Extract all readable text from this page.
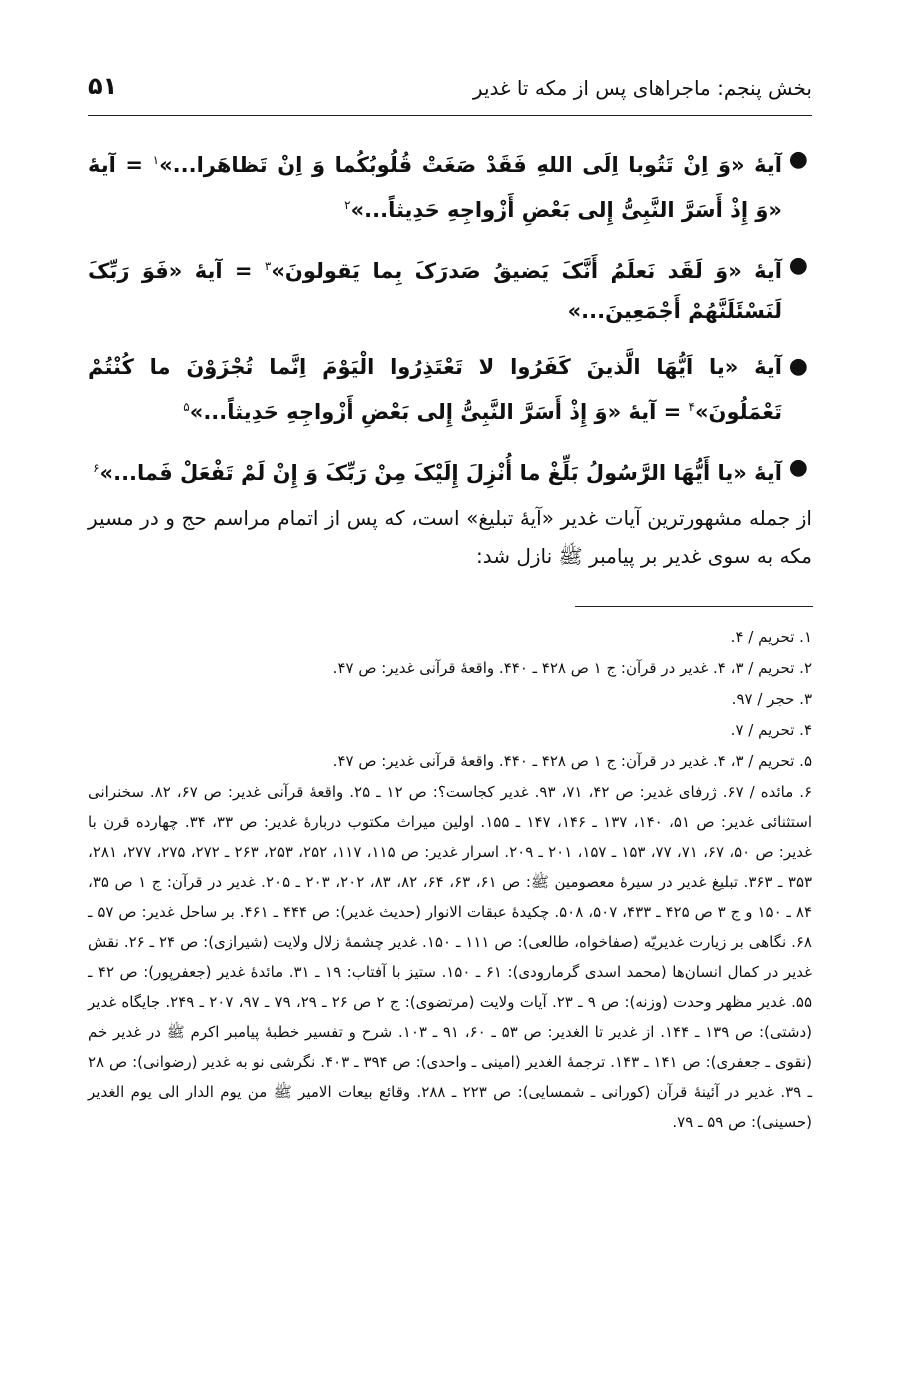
بخش پنجم: ماجراهای پس از مکه تا غدیر
۵۱
●
آیهٔ «وَ اِنْ تَتُوبا اِلَی اللهِ فَقَدْ صَغَتْ قُلُوبُکُما وَ اِنْ تَظاهَرا...»$^۱$ = آیهٔ «وَ إِذْ أَسَرَّ النَّبِیُّ إِلی بَعْضِ أَزْواجِهِ حَدِیثاً...»$^۲$
●
آیهٔ «وَ لَقَد نَعلَمُ أَنَّکَ یَضیقُ صَدرَکَ بِما یَقولونَ»$^۳$ = آیهٔ «فَوَ رَبِّکَ لَنَسْئَلَنَّهُمْ أَجْمَعِینَ...»
●
آیهٔ «یا اَیُّهَا الَّذینَ کَفَرُوا لا تَعْتَذِرُوا الْیَوْمَ اِنَّما تُجْزَوْنَ ما کُنْتُمْ تَعْمَلُونَ»$^۴$ = آیهٔ «وَ إِذْ أَسَرَّ النَّبِیُّ إِلی بَعْضِ أَزْواجِهِ حَدِیثاً...»$^۵$
●
آیهٔ «یا أَیُّهَا الرَّسُولُ بَلِّغْ ما أُنْزِلَ إِلَیْکَ مِنْ رَبِّکَ وَ إِنْ لَمْ تَفْعَلْ فَما...»$^۶$

از جمله مشهورترین آیات غدیر «آیهٔ تبلیغ» است، که پس از اتمام مراسم حج و در مسیر مکه به سوی غدیر بر پیامبر ﷺ نازل شد:

۱. تحریم / ۴.
۲. تحریم / ۳، ۴. غدیر در قرآن: ج ۱ ص ۴۲۸ ـ ۴۴۰. واقعهٔ قرآنی غدیر: ص ۴۷.
۳. حجر / ۹۷.
۴. تحریم / ۷.
۵. تحریم / ۳، ۴. غدیر در قرآن: ج ۱ ص ۴۲۸ ـ ۴۴۰. واقعهٔ قرآنی غدیر: ص ۴۷.
۶. مائده / ۶۷. ژرفای غدیر: ص ۴۲، ۷۱، ۹۳. غدیر کجاست؟: ص ۱۲ ـ ۲۵. واقعهٔ قرآنی غدیر: ص ۶۷، ۸۲. سخنرانی استثنائی غدیر: ص ۵۱، ۱۴۰، ۱۳۷ ـ ۱۴۶، ۱۴۷ ـ ۱۵۵. اولین میراث مکتوب دربارهٔ غدیر: ص ۳۳، ۳۴. چهارده قرن با غدیر: ص ۵۰، ۶۷، ۷۱، ۷۷، ۱۵۳ ـ ۱۵۷، ۲۰۱ ـ ۲۰۹. اسرار غدیر: ص ۱۱۵، ۱۱۷، ۲۵۲، ۲۵۳، ۲۶۳ ـ ۲۷۲، ۲۷۵، ۲۷۷، ۲۸۱، ۳۵۳ ـ ۳۶۳. تبلیغ غدیر در سیرهٔ معصومین ﷺ: ص ۶۱، ۶۳، ۶۴، ۸۲، ۸۳، ۲۰۲، ۲۰۳ ـ ۲۰۵. غدیر در قرآن: ج ۱ ص ۳۵، ۸۴ ـ ۱۵۰ و ج ۳ ص ۴۲۵ ـ ۴۳۳، ۵۰۷، ۵۰۸. چکیدهٔ عبقات الانوار (حدیث غدیر): ص ۴۴۴ ـ ۴۶۱. بر ساحل غدیر: ص ۵۷ ـ ۶۸. نگاهی بر زیارت غدیریّه (صفاخواه، طالعی): ص ۱۱۱ ـ ۱۵۰. غدیر چشمهٔ زلال ولایت (شیرازی): ص ۲۴ ـ ۲۶. نقش غدیر در کمال انسان‌ها (محمد اسدی گرمارودی): ۶۱ ـ ۱۵۰. ستیز با آفتاب: ۱۹ ـ ۳۱. مائدهٔ غدیر (جعفرپور): ص ۴۲ ـ ۵۵. غدیر مظهر وحدت (وزنه): ص ۹ ـ ۲۳. آیات ولایت (مرتضوی): ج ۲ ص ۲۶ ـ ۲۹، ۷۹ ـ ۹۷، ۲۰۷ ـ ۲۴۹. جایگاه غدیر (دشتی): ص ۱۳۹ ـ ۱۴۴. از غدیر تا الغدیر: ص ۵۳ ـ ۶۰، ۹۱ ـ ۱۰۳. شرح و تفسیر خطبهٔ پیامبر اکرم ﷺ در غدیر خم (نقوی ـ جعفری): ص ۱۴۱ ـ ۱۴۳. ترجمهٔ الغدیر (امینی ـ واحدی): ص ۳۹۴ ـ ۴۰۳. نگرشی نو به غدیر (رضوانی): ص ۲۸ ـ ۳۹. غدیر در آئینهٔ قرآن (کورانی ـ شمسایی): ص ۲۲۳ ـ ۲۸۸. وقائع بیعات الامیر ﷺ من یوم الدار الی یوم الغدیر (حسینی): ص ۵۹ ـ ۷۹.
